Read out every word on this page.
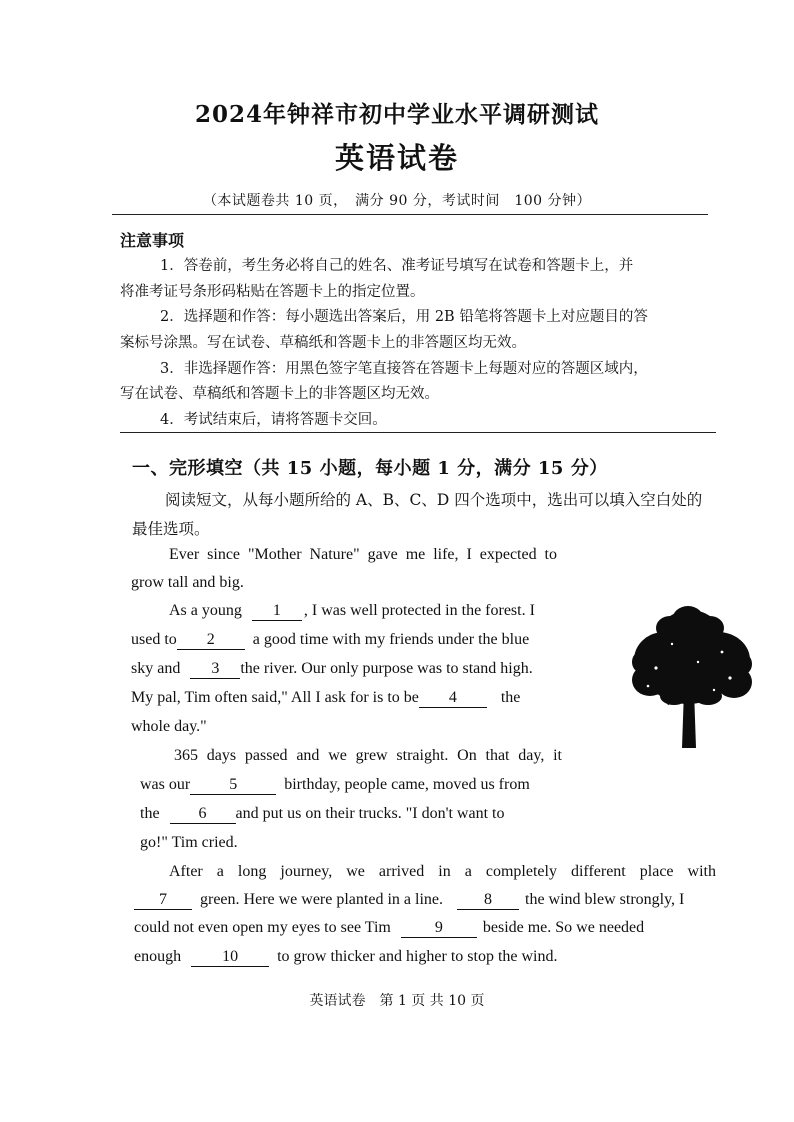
2024年钟祥市初中学业水平调研测试
英语试卷
（本试题卷共 10 页，　满分 90 分，考试时间　100 分钟）
注意事项
1．答卷前，考生务必将自己的姓名、准考证号填写在试卷和答题卡上，并
将准考证号条形码粘贴在答题卡上的指定位置。
2．选择题和作答：每小题选出答案后，用 2B 铅笔将答题卡上对应题目的答
案标号涂黑。写在试卷、草稿纸和答题卡上的非答题区均无效。
3．非选择题作答：用黑色签字笔直接答在答题卡上每题对应的答题区域内，
写在试卷、草稿纸和答题卡上的非答题区均无效。
4．考试结束后，请将答题卡交回。
一、完形填空（共 15 小题，每小题 1 分，满分 15 分）
阅读短文，从每小题所给的 A、B、C、D 四个选项中，选出可以填入空白处的最佳选项。
Ever since "Mother Nature" gave me life, I expected to
grow tall and big.
As a young 1 , I was well protected in the forest. I
used to 2 a good time with my friends under the blue
sky and 3 the river. Our only purpose was to stand high.
My pal, Tim often said," All I ask for is to be 4	the
whole day."
365 days passed and we grew straight. On that day, it
was our 5	birthday, people came, moved us from
the 6 and put us on their trucks. "I don't want to
go!" Tim cried.
After a long journey, we arrived in a completely different place with
7 green. Here we were planted in a line.	8 the wind blew strongly, I
could not even open my eyes to see Tim	9	beside me. So we needed
enough	10 to grow thicker and higher to stop the wind.
英语试卷　第 1 页 共 10 页
